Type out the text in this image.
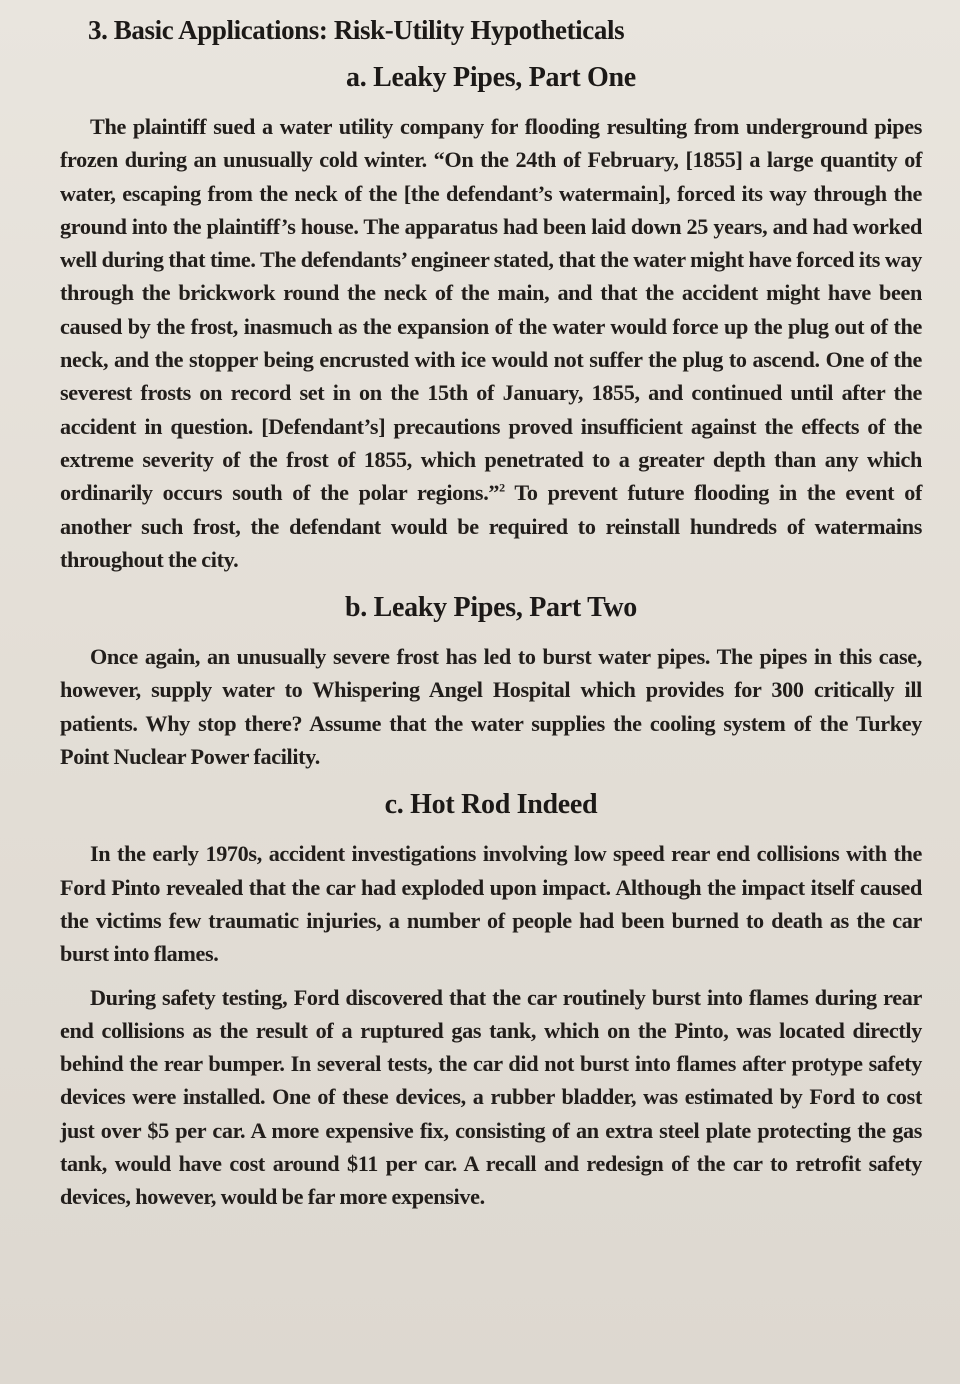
3. Basic Applications: Risk-Utility Hypotheticals
a. Leaky Pipes, Part One

The plaintiff sued a water utility company for flooding resulting from underground pipes frozen during an unusually cold winter. “On the 24th of February, [1855] a large quantity of water, escaping from the neck of the [the defendant’s watermain], forced its way through the ground into the plaintiff’s house. The apparatus had been laid down 25 years, and had worked well during that time. The defendants’ engineer stated, that the water might have forced its way through the brickwork round the neck of the main, and that the accident might have been caused by the frost, inasmuch as the expansion of the water would force up the plug out of the neck, and the stopper being encrusted with ice would not suffer the plug to ascend. One of the severest frosts on record set in on the 15th of January, 1855, and continued until after the accident in question. [Defendant’s] precautions proved insufficient against the effects of the extreme severity of the frost of 1855, which penetrated to a greater depth than any which ordinarily occurs south of the polar regions.”$^2$ To prevent future flooding in the event of another such frost, the defendant would be required to reinstall hundreds of watermains throughout the city.

b. Leaky Pipes, Part Two

Once again, an unusually severe frost has led to burst water pipes. The pipes in this case, however, supply water to Whispering Angel Hospital which provides for 300 critically ill patients. Why stop there? Assume that the water supplies the cooling system of the Turkey Point Nuclear Power facility.

c. Hot Rod Indeed

In the early 1970s, accident investigations involving low speed rear end collisions with the Ford Pinto revealed that the car had exploded upon impact. Although the impact itself caused the victims few traumatic injuries, a number of people had been burned to death as the car burst into flames.

During safety testing, Ford discovered that the car routinely burst into flames during rear end collisions as the result of a ruptured gas tank, which on the Pinto, was located directly behind the rear bumper. In several tests, the car did not burst into flames after protype safety devices were installed. One of these devices, a rubber bladder, was estimated by Ford to cost just over $5 per car. A more expensive fix, consisting of an extra steel plate protecting the gas tank, would have cost around $11 per car. A recall and redesign of the car to retrofit safety devices, however, would be far more expensive.
